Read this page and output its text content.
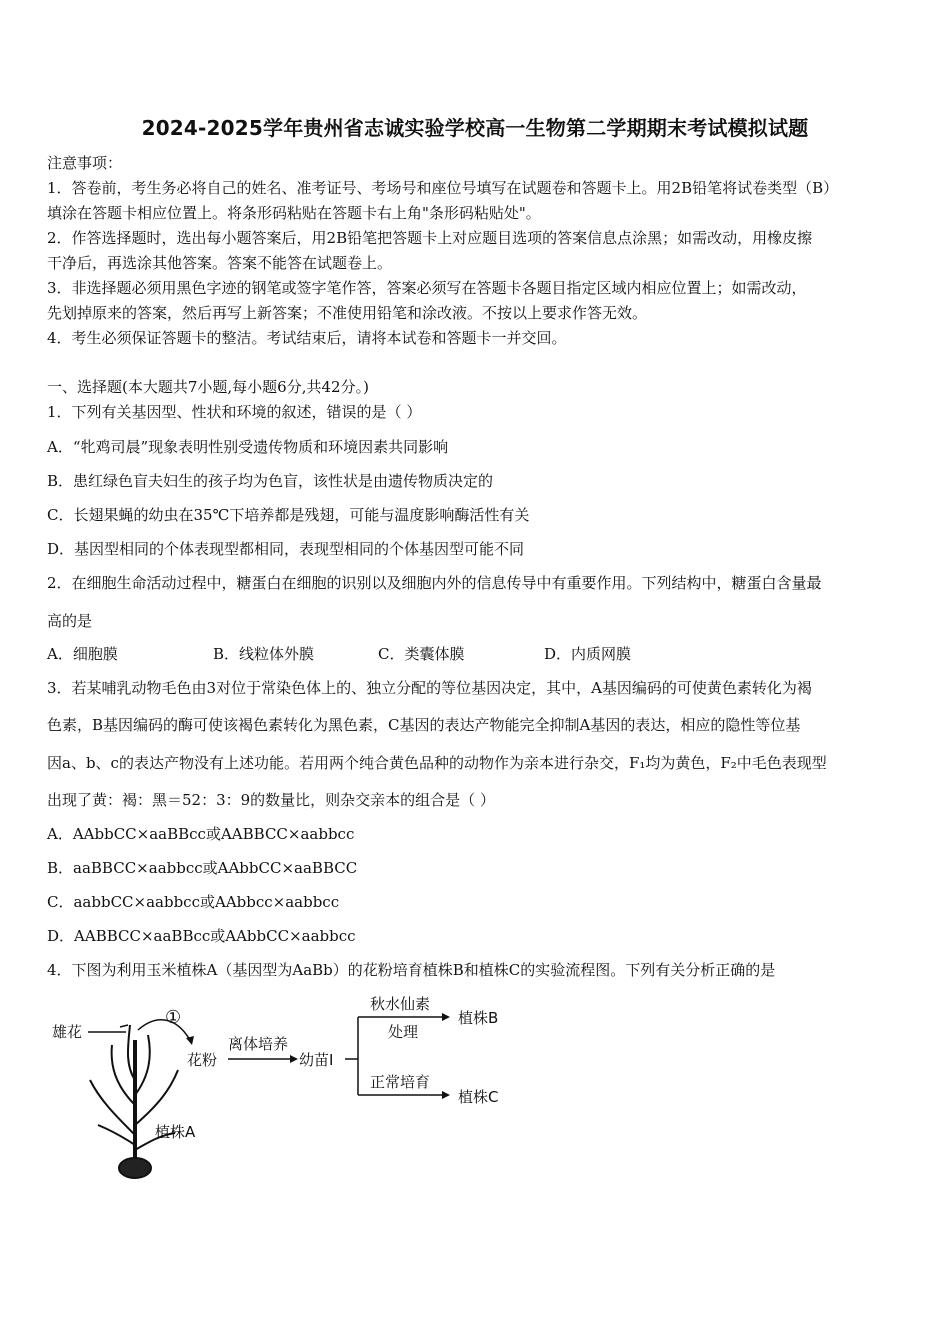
2024-2025学年贵州省志诚实验学校高一生物第二学期期末考试模拟试题
注意事项：
1．答卷前，考生务必将自己的姓名、准考证号、考场号和座位号填写在试题卷和答题卡上。用2B铅笔将试卷类型（B）
填涂在答题卡相应位置上。将条形码粘贴在答题卡右上角"条形码粘贴处"。
2．作答选择题时，选出每小题答案后，用2B铅笔把答题卡上对应题目选项的答案信息点涂黑；如需改动，用橡皮擦
干净后，再选涂其他答案。答案不能答在试题卷上。
3．非选择题必须用黑色字迹的钢笔或签字笔作答，答案必须写在答题卡各题目指定区域内相应位置上；如需改动，
先划掉原来的答案，然后再写上新答案；不准使用铅笔和涂改液。不按以上要求作答无效。
4．考生必须保证答题卡的整洁。考试结束后，请将本试卷和答题卡一并交回。
一、选择题(本大题共7小题,每小题6分,共42分。)
1．下列有关基因型、性状和环境的叙述，错误的是（ ）
A．“牝鸡司晨”现象表明性别受遗传物质和环境因素共同影响
B．患红绿色盲夫妇生的孩子均为色盲，该性状是由遗传物质决定的
C．长翅果蝇的幼虫在35℃下培养都是残翅，可能与温度影响酶活性有关
D．基因型相同的个体表现型都相同，表现型相同的个体基因型可能不同
2．在细胞生命活动过程中，糖蛋白在细胞的识别以及细胞内外的信息传导中有重要作用。下列结构中，糖蛋白含量最
高的是
A．细胞膜	B．线粒体外膜	C．类囊体膜	D．内质网膜
3．若某哺乳动物毛色由3对位于常染色体上的、独立分配的等位基因决定，其中，A基因编码的可使黄色素转化为褐
色素，B基因编码的酶可使该褐色素转化为黑色素，C基因的表达产物能完全抑制A基因的表达，相应的隐性等位基
因a、b、c的表达产物没有上述功能。若用两个纯合黄色品种的动物作为亲本进行杂交，F₁均为黄色，F₂中毛色表现型
出现了黄：褐：黑＝52：3：9的数量比，则杂交亲本的组合是（ ）
A．AAbbCC×aaBBcc或AABBCC×aabbcc
B．aaBBCC×aabbcc或AAbbCC×aaBBCC
C．aabbCC×aabbcc或AAbbcc×aabbcc
D．AABBCC×aaBBcc或AAbbCC×aabbcc
4．下图为利用玉米植株A（基因型为AaBb）的花粉培育植株B和植株C的实验流程图。下列有关分析正确的是
雄花
①
花粉
离体培养
幼苗Ⅰ
秋水仙素
处理
植株B
正常培育
植株C
植株A
